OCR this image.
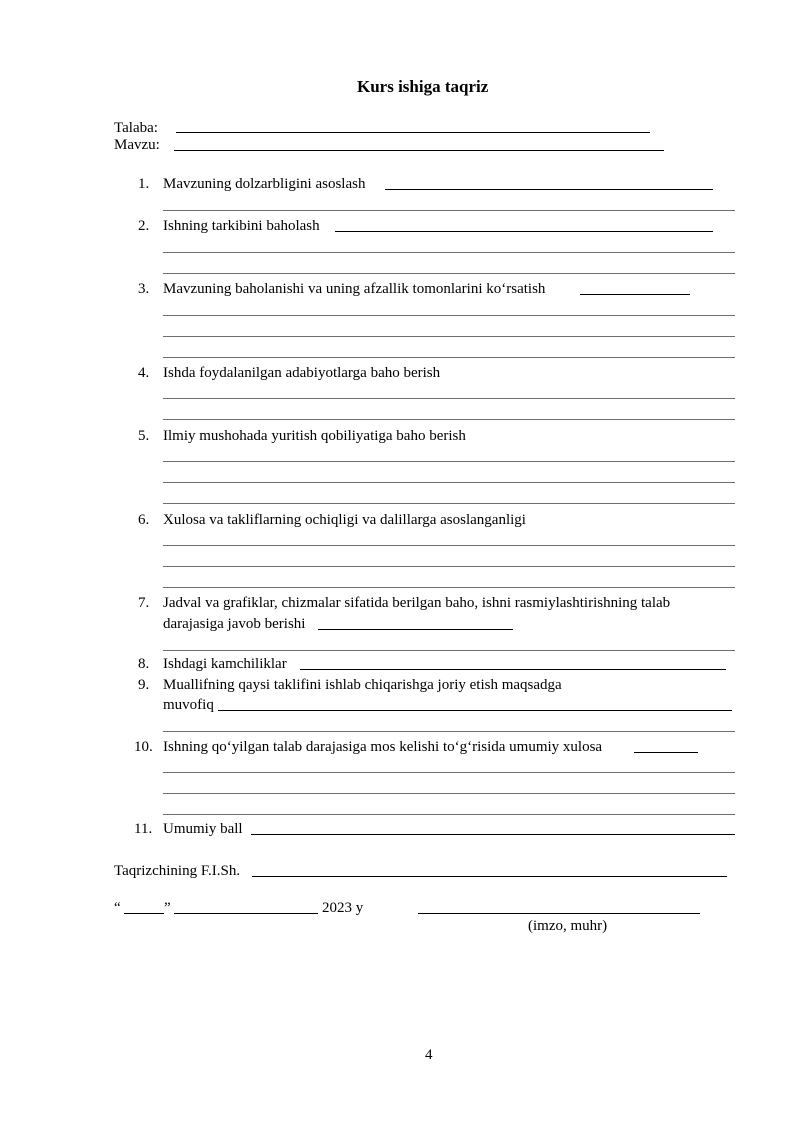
Kurs ishiga taqriz
Talaba:
Mavzu:
1. Mavzuning dolzarbligini asoslash
2. Ishning tarkibini baholash
3. Mavzuning baholanishi va uning afzallik tomonlarini ko‘rsatish
4. Ishda foydalanilgan adabiyotlarga baho berish
5. Ilmiy mushohada yuritish qobiliyatiga baho berish
6. Xulosa va takliflarning ochiqligi va dalillarga asoslanganligi
7. Jadval va grafiklar, chizmalar sifatida berilgan baho, ishni rasmiylashtirishning talab
darajasiga javob berishi
8. Ishdagi kamchiliklar
9. Muallifning qaysi taklifini ishlab chiqarishga joriy etish maqsadga
muvofiq
10. Ishning qo‘yilgan talab darajasiga mos kelishi to‘g‘risida umumiy xulosa
11. Umumiy ball
Taqrizchining F.I.Sh.
“	”	2023 y
(imzo, muhr)
4
